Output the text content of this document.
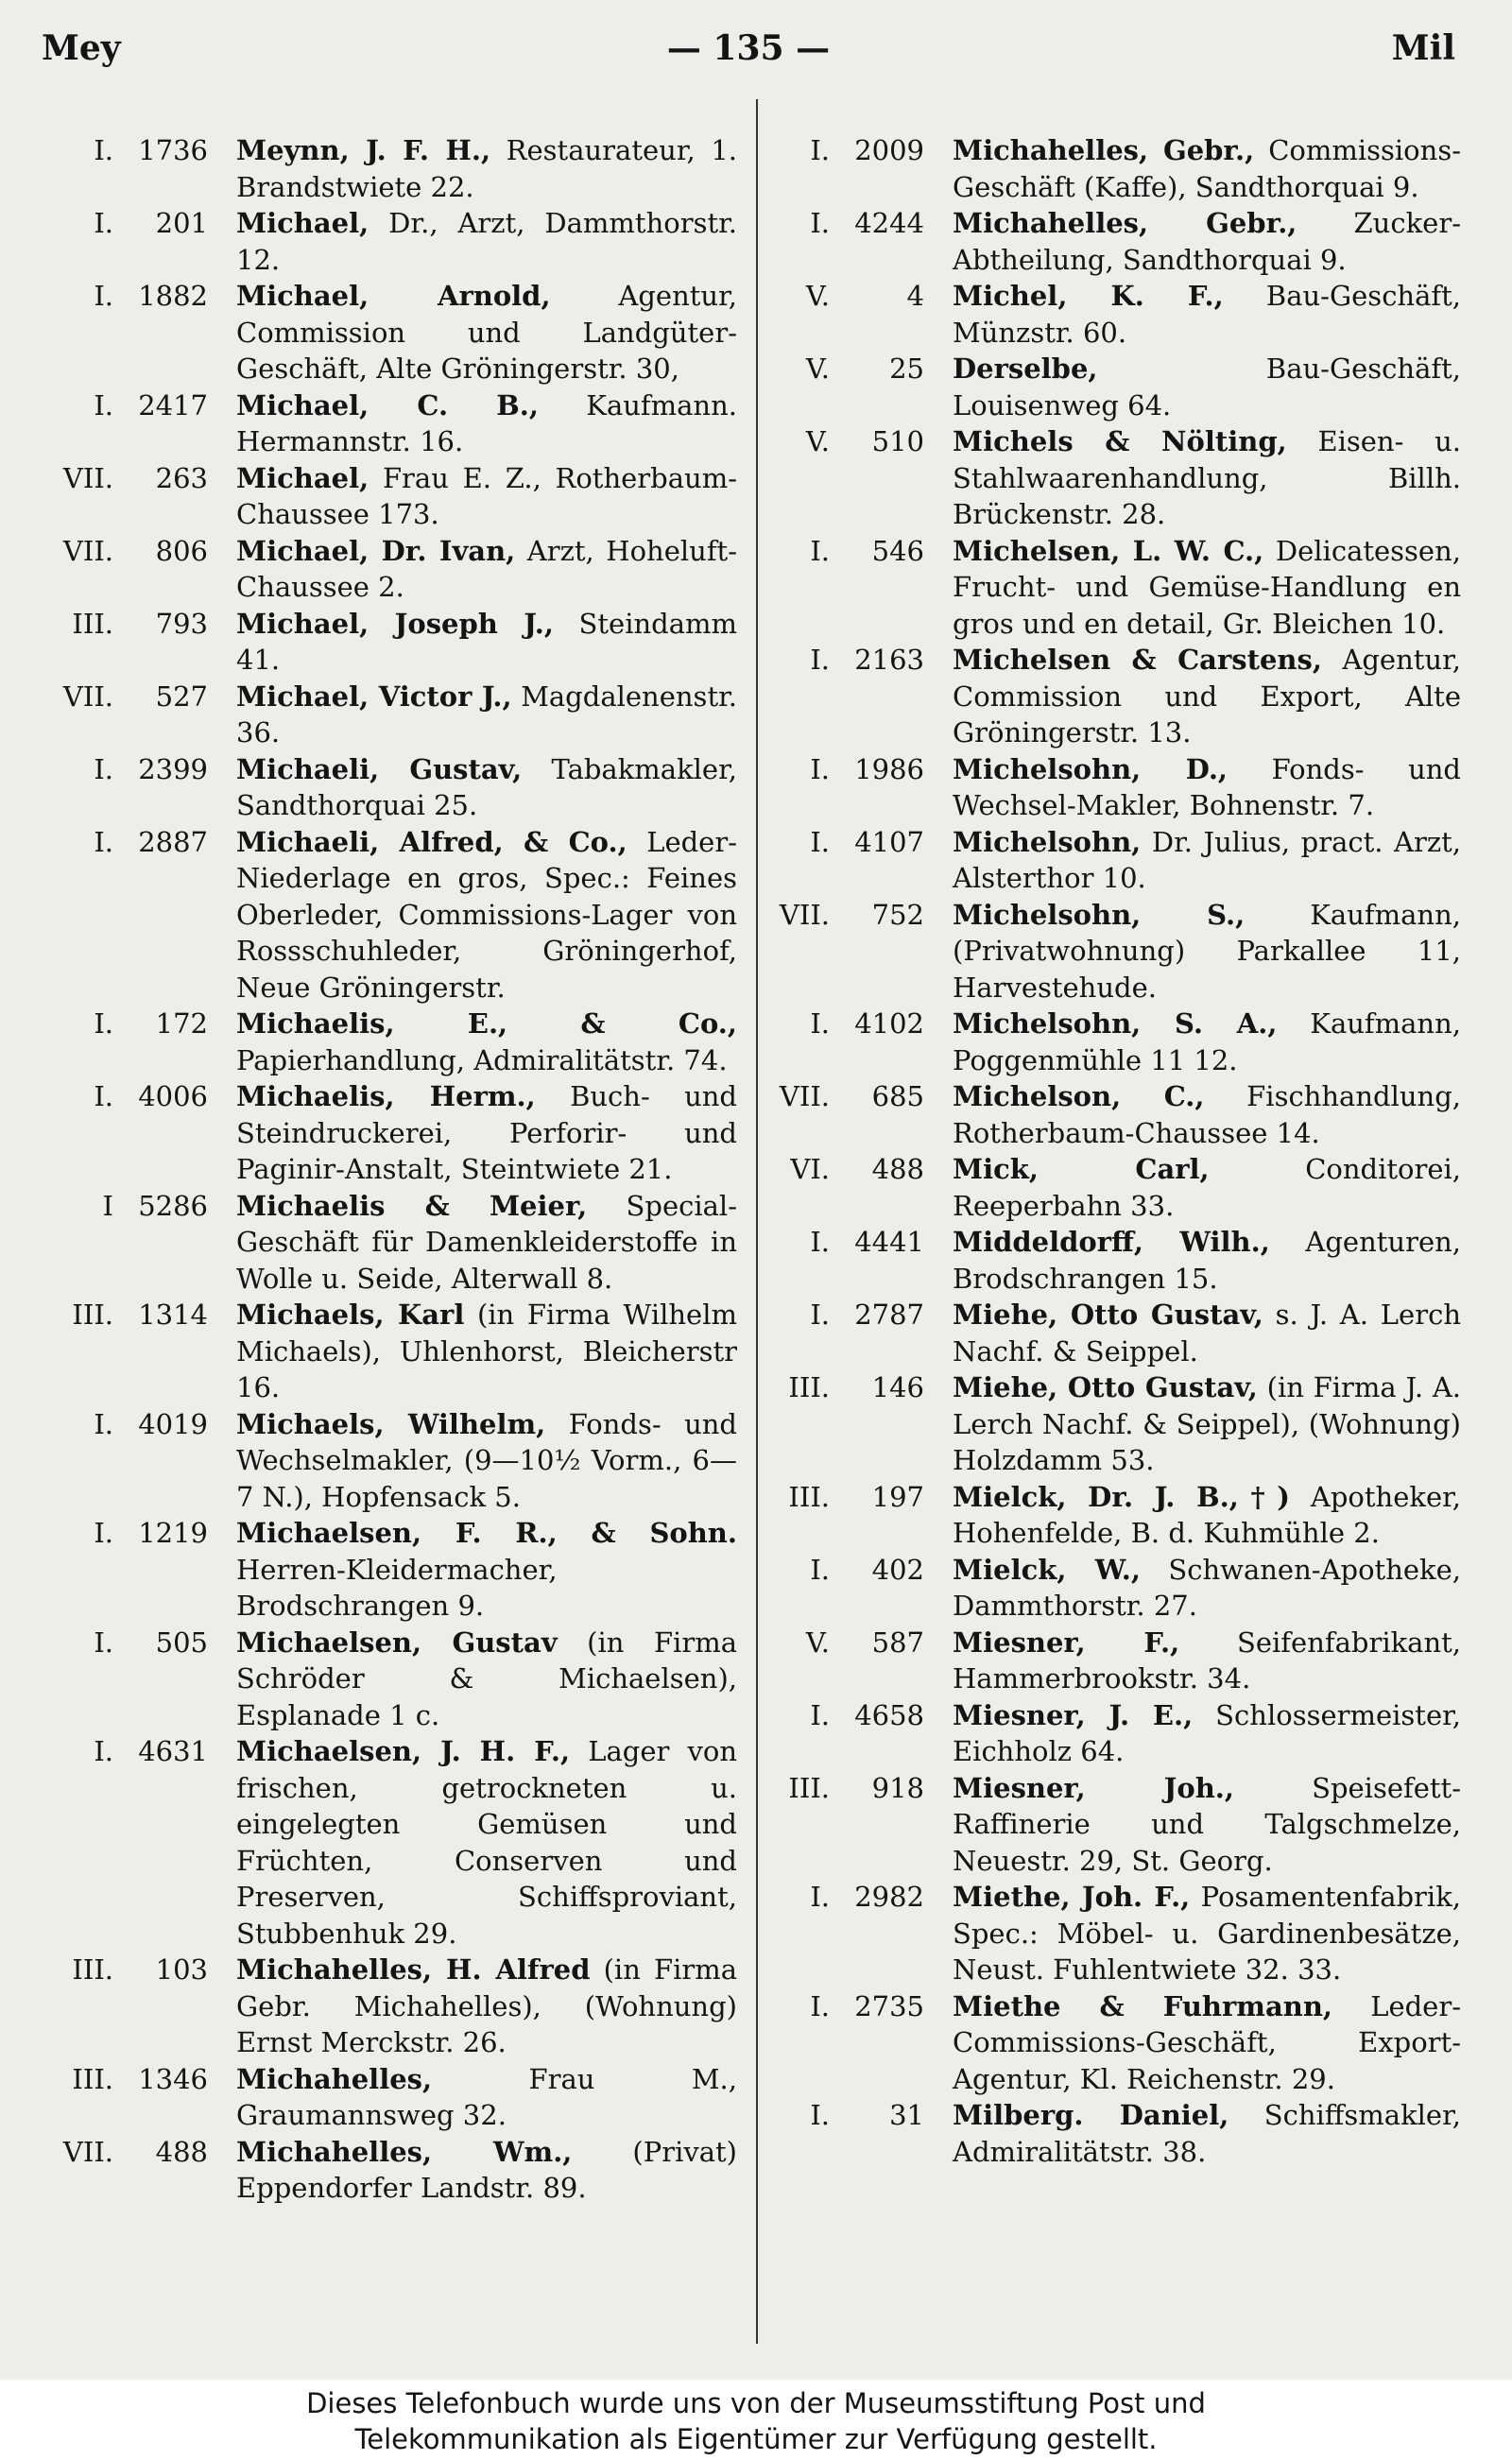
Mey	— 135 —	Mil
I. 1736	Meynn, J. F. H., Restaurateur, 1. Brandstwiete 22.
I.	201	Michael, Dr., Arzt, Dammthorstr. 12.
I. 1882	Michael, Arnold, Agentur, Commission und Landgüter-Geschäft, Alte Gröningerstr. 30,
I. 2417	Michael, C. B., Kaufmann. Hermannstr. 16.
VII.	263	Michael, Frau E. Z., Rotherbaum-Chaussee 173.
VII.	806	Michael, Dr. Ivan, Arzt, Hoheluft-Chaussee 2.
III.	793	Michael, Joseph J., Steindamm 41.
VII.	527	Michael, Victor J., Magdalenenstr. 36.
I. 2399	Michaeli, Gustav, Tabakmakler, Sandthorquai 25.
I. 2887	Michaeli, Alfred, & Co., Leder-Niederlage en gros, Spec.: Feines Oberleder, Commissions-Lager von Rossschuhleder, Gröningerhof, Neue Gröningerstr.
I.	172	Michaelis, E., & Co., Papierhandlung, Admiralitätstr. 74.
I. 4006	Michaelis, Herm., Buch- und Steindruckerei, Perforir- und Paginir-Anstalt, Steintwiete 21.
I 5286	Michaelis & Meier, Special-Geschäft für Damenkleiderstoffe in Wolle u. Seide, Alterwall 8.
III. 1314	Michaels, Karl (in Firma Wilhelm Michaels), Uhlenhorst, Bleicherstr 16.
I. 4019	Michaels, Wilhelm, Fonds- und Wechselmakler, (9—10½ Vorm., 6—7 N.), Hopfensack 5.
I. 1219	Michaelsen, F. R., & Sohn. Herren-Kleidermacher, Brodschrangen 9.
I.	505	Michaelsen, Gustav (in Firma Schröder & Michaelsen), Esplanade 1 c.
I. 4631	Michaelsen, J. H. F., Lager von frischen, getrockneten u. eingelegten Gemüsen und Früchten, Conserven und Preserven, Schiffsproviant, Stubbenhuk 29.
III.	103	Michahelles, H. Alfred (in Firma Gebr. Michahelles), (Wohnung) Ernst Merckstr. 26.
III. 1346	Michahelles,	Frau M., Graumannsweg 32.
VII.	488	Michahelles, Wm., (Privat) Eppendorfer Landstr. 89.
I. 2009	Michahelles, Gebr., Commissions-Geschäft (Kaffe), Sandthorquai 9.
I. 4244	Michahelles, Gebr., Zucker-Abtheilung, Sandthorquai 9.
V.	4	Michel, K. F., Bau-Geschäft, Münzstr. 60.
V.	25	Derselbe,	Bau-Geschäft, Louisenweg 64.
V.	510	Michels & Nölting, Eisen- u. Stahlwaarenhandlung, Billh. Brückenstr. 28.
I.	546	Michelsen, L. W. C., Delicatessen, Frucht- und Gemüse-Handlung en gros und en detail, Gr. Bleichen 10.
I. 2163	Michelsen & Carstens, Agentur, Commission und Export, Alte Gröningerstr. 13.
I. 1986	Michelsohn, D., Fonds- und Wechsel-Makler, Bohnenstr. 7.
I. 4107	Michelsohn, Dr. Julius, pract. Arzt, Alsterthor 10.
VII.	752	Michelsohn, S., Kaufmann, (Privatwohnung) Parkallee 11, Harvestehude.
I. 4102	Michelsohn, S. A., Kaufmann, Poggenmühle 11 12.
VII.	685	Michelson, C., Fischhandlung, Rotherbaum-Chaussee 14.
VI.	488	Mick, Carl,	Conditorei, Reeperbahn 33.
I. 4441	Middeldorff, Wilh., Agenturen, Brodschrangen 15.
I. 2787	Miehe, Otto Gustav, s. J. A. Lerch Nachf. & Seippel.
III.	146	Miehe, Otto Gustav, (in Firma J. A. Lerch Nachf. & Seippel), (Wohnung) Holzdamm 53.
III.	197	Mielck, Dr. J. B.,†) Apotheker, Hohenfelde, B. d. Kuhmühle 2.
I.	402	Mielck, W., Schwanen-Apotheke, Dammthorstr. 27.
V.	587	Miesner, F., Seifenfabrikant, Hammerbrookstr. 34.
I. 4658	Miesner, J. E., Schlossermeister, Eichholz 64.
III.	918	Miesner, Joh.,	Speisefett-Raffinerie und Talgschmelze, Neuestr. 29, St. Georg.
I. 2982	Miethe, Joh. F., Posamentenfabrik, Spec.: Möbel- u. Gardinenbesätze, Neust. Fuhlentwiete 32. 33.
I. 2735	Miethe & Fuhrmann, Leder-Commissions-Geschäft, Export-Agentur, Kl. Reichenstr. 29.
I.	31	Milberg. Daniel, Schiffsmakler, Admiralitätstr. 38.
Dieses Telefonbuch wurde uns von der Museumsstiftung Post und
Telekommunikation als Eigentümer zur Verfügung gestellt.
